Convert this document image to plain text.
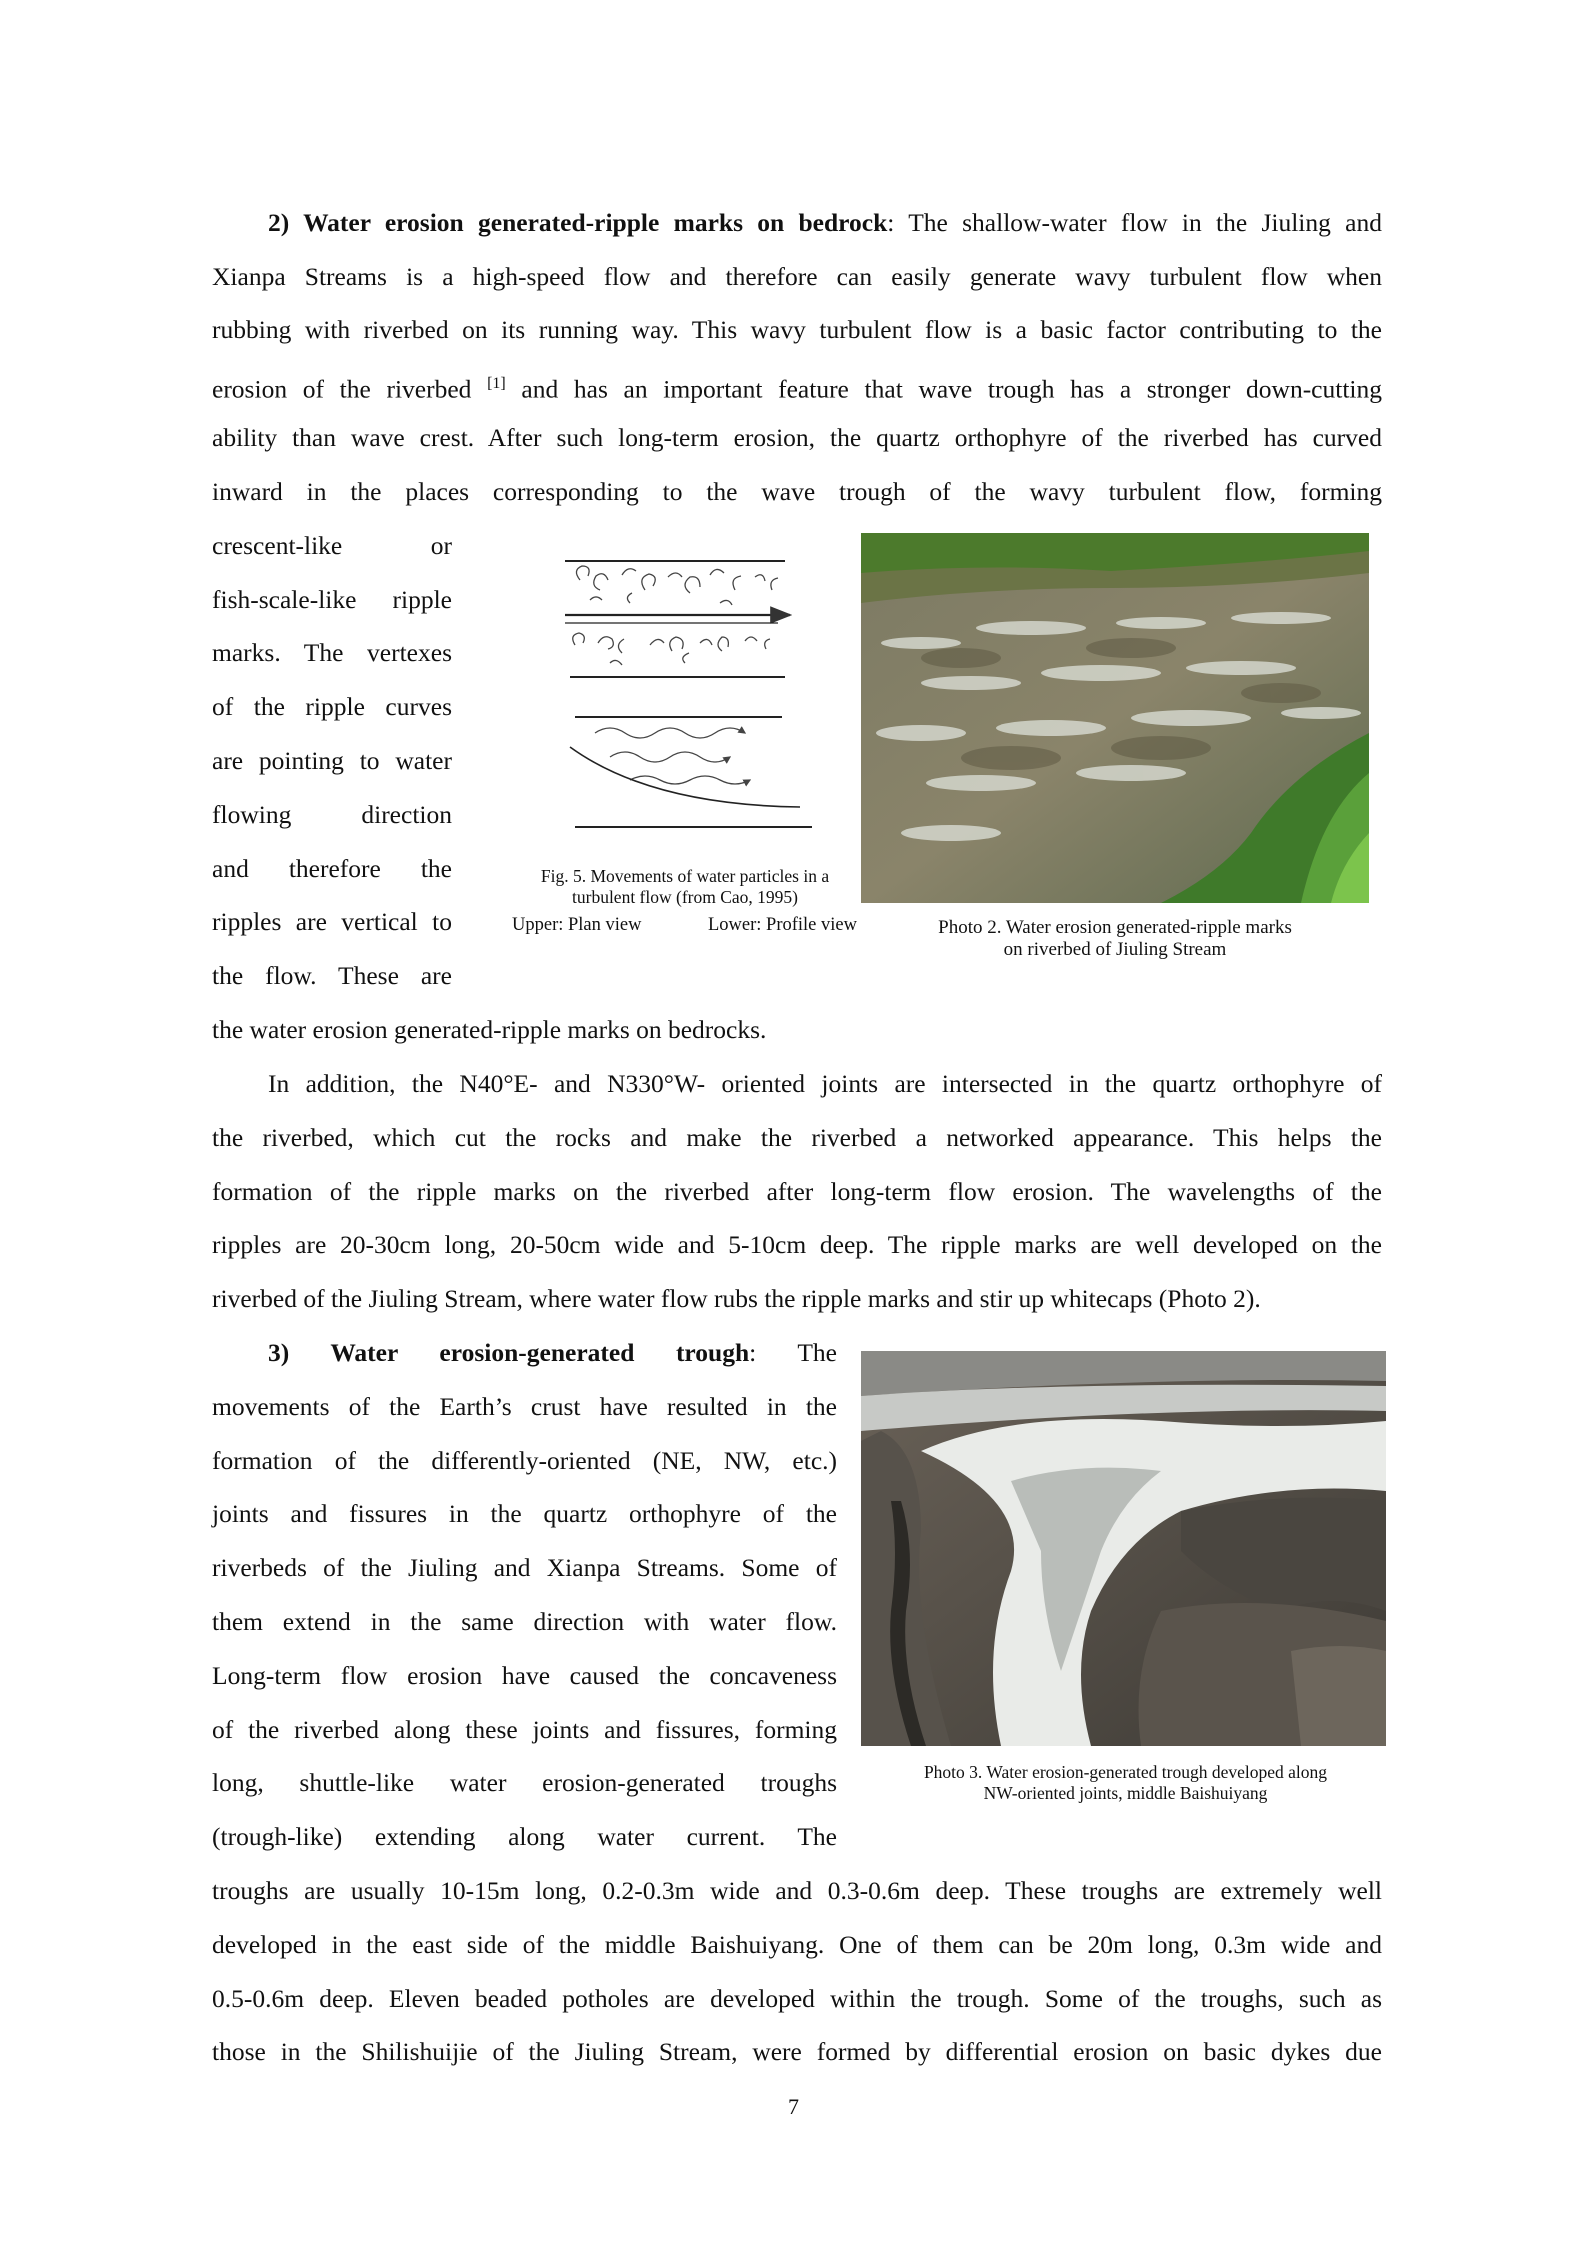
2) Water erosion generated-ripple marks on bedrock: The shallow-water flow in the Jiuling and
Xianpa Streams is a high-speed flow and therefore can easily generate wavy turbulent flow when
rubbing with riverbed on its running way. This wavy turbulent flow is a basic factor contributing to the
erosion of the riverbed [1] and has an important feature that wave trough has a stronger down-cutting
ability than wave crest. After such long-term erosion, the quartz orthophyre of the riverbed has curved
inward in the places corresponding to the wave trough of the wavy turbulent flow, forming
crescent-like or
fish-scale-like ripple
marks. The vertexes
of the ripple curves
are pointing to water
flowing direction
and therefore the
ripples are vertical to
the flow. These are
the water erosion generated-ripple marks on bedrocks.
Fig. 5. Movements of water particles in a
turbulent flow (from Cao, 1995)
Upper: Plan view	Lower: Profile view	Photo 2. Water erosion generated-ripple marks
on riverbed of Jiuling Stream
In addition, the N40°E- and N330°W- oriented joints are intersected in the quartz orthophyre of
the riverbed, which cut the rocks and make the riverbed a networked appearance. This helps the
formation of the ripple marks on the riverbed after long-term flow erosion. The wavelengths of the
ripples are 20-30cm long, 20-50cm wide and 5-10cm deep. The ripple marks are well developed on the
riverbed of the Jiuling Stream, where water flow rubs the ripple marks and stir up whitecaps (Photo 2).
3) Water erosion-generated trough: The
movements of the Earth’s crust have resulted in the
formation of the differently-oriented (NE, NW, etc.)
joints and fissures in the quartz orthophyre of the
riverbeds of the Jiuling and Xianpa Streams. Some of
them extend in the same direction with water flow.
Long-term flow erosion have caused the concaveness
of the riverbed along these joints and fissures, forming
long, shuttle-like water erosion-generated troughs
(trough-like) extending along water current. The
Photo 3. Water erosion-generated trough developed along
NW-oriented joints, middle Baishuiyang
troughs are usually 10-15m long, 0.2-0.3m wide and 0.3-0.6m deep. These troughs are extremely well
developed in the east side of the middle Baishuiyang. One of them can be 20m long, 0.3m wide and
0.5-0.6m deep. Eleven beaded potholes are developed within the trough. Some of the troughs, such as
those in the Shilishuijie of the Jiuling Stream, were formed by differential erosion on basic dykes due
7
